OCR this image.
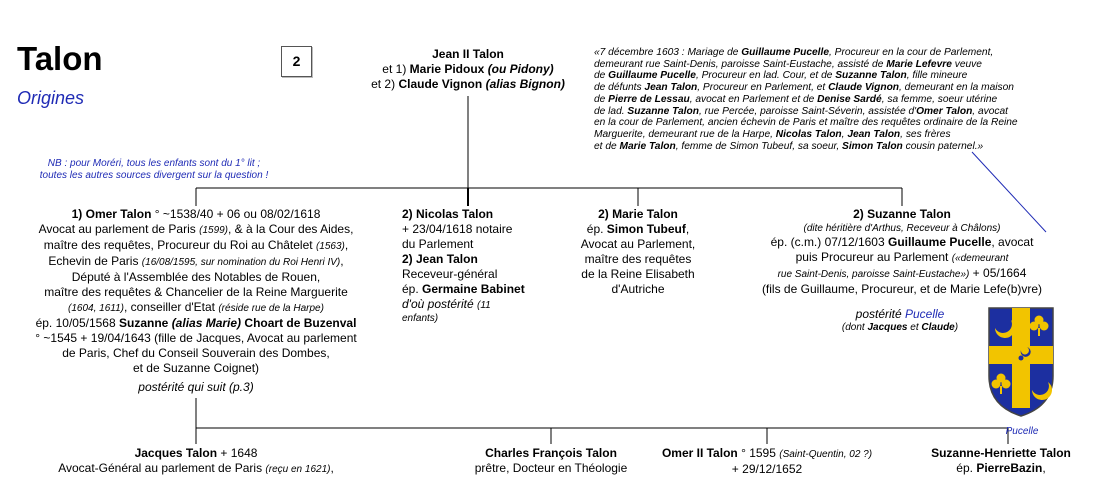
Talon
Origines
2	Jean II Talon
et 1) Marie Pidoux (ou Pidony)
et 2) Claude Vignon (alias Bignon)
NB : pour Moréri, tous les enfants sont du 1° lit ;
toutes les autres sources divergent sur la question !
«7 décembre 1603 : Mariage de Guillaume Pucelle, Procureur en la cour de Parlement,
demeurant rue Saint-Denis, paroisse Saint-Eustache, assisté de Marie Lefevre veuve
de Guillaume Pucelle, Procureur en lad. Cour, et de Suzanne Talon, fille mineure
de défunts Jean Talon, Procureur en Parlement, et Claude Vignon, demeurant en la maison
de Pierre de Lessau, avocat en Parlement et de Denise Sardé, sa femme, soeur utérine
de lad. Suzanne Talon, rue Percée, paroisse Saint-Séverin, assistée d'Omer Talon, avocat
en la cour de Parlement, ancien échevin de Paris et maître des requêtes ordinaire de la Reine
Marguerite, demeurant rue de la Harpe, Nicolas Talon, Jean Talon, ses frères
et de Marie Talon, femme de Simon Tubeuf, sa soeur, Simon Talon cousin paternel.»
1) Omer Talon ° ~1538/40 + 06 ou 08/02/1618
Avocat au parlement de Paris (1599), & à la Cour des Aides,
maître des requêtes, Procureur du Roi au Châtelet (1563),
Echevin de Paris (16/08/1595, sur nomination du Roi Henri IV),
Député à l'Assemblée des Notables de Rouen,
maître des requêtes & Chancelier de la Reine Marguerite
(1604, 1611), conseiller d'Etat (réside rue de la Harpe)
ép. 10/05/1568 Suzanne (alias Marie) Choart de Buzenval
° ~1545 + 19/04/1643 (fille de Jacques, Avocat au parlement
de Paris, Chef du Conseil Souverain des Dombes,
et de Suzanne Coignet)
postérité qui suit (p.3)
2) Nicolas Talon
+ 23/04/1618 notaire
du Parlement
2) Jean Talon
Receveur-général
ép. Germaine Babinet
d'où postérité (11
enfants)
2) Marie Talon
ép. Simon Tubeuf,
Avocat au Parlement,
maître des requêtes
de la Reine Elisabeth
d'Autriche
2) Suzanne Talon
(dite héritière d'Arthus, Receveur à Châlons)
ép. (c.m.) 07/12/1603 Guillaume Pucelle, avocat
puis Procureur au Parlement («demeurant
rue Saint-Denis, paroisse Saint-Eustache») + 05/1664
(fils de Guillaume, Procureur, et de Marie Lefe(b)vre)
postérité Pucelle
(dont Jacques et Claude)
Pucelle
Jacques Talon + 1648
Avocat-Général au parlement de Paris (reçu en 1621),
Charles François Talon
prêtre, Docteur en Théologie
Omer II Talon ° 1595 (Saint-Quentin, 02 ?)
+ 29/12/1652
Suzanne-Henriette Talon
ép. PierreBazin,
